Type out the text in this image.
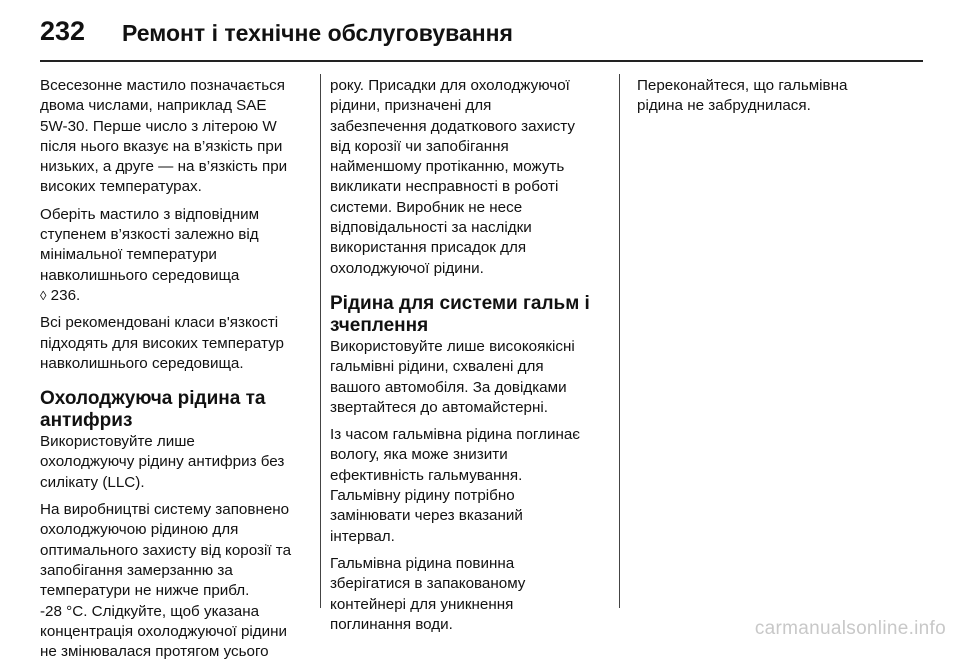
232 Ремонт і технічне обслуговування

Всесезонне мастило позначається
двома числами, наприклад SAE
5W-30. Перше число з літерою W
після нього вказує на в’язкість при
низьких, а друге — на в’язкість при
високих температурах.

Оберіть мастило з відповідним
ступенем в’язкості залежно від
мінімальної температури
навколишнього середовища
◊ 236.

Всі рекомендовані класи в'язкості
підходять для високих температур
навколишнього середовища.

Охолоджуюча рідина та
антифриз

Використовуйте лише
охолоджуючу рідину антифриз без
силікату (LLC).

На виробництві систему заповнено
охолоджуючою рідиною для
оптимального захисту від корозії та
запобігання замерзанню за
температури не нижче прибл.
-28 °C. Слідкуйте, щоб указана
концентрація охолоджуючої рідини
не змінювалася протягом усього

року. Присадки для охолоджуючої
рідини, призначені для
забезпечення додаткового захисту
від корозії чи запобігання
найменшому протіканню, можуть
викликати несправності в роботі
системи. Виробник не несе
відповідальності за наслідки
використання присадок для
охолоджуючої рідини.

Рідина для системи гальм і
зчеплення

Використовуйте лише високоякісні
гальмівні рідини, схвалені для
вашого автомобіля. За довідками
звертайтеся до автомайстерні.

Із часом гальмівна рідина поглинає
вологу, яка може знизити
ефективність гальмування.
Гальмівну рідину потрібно
замінювати через вказаний
інтервал.

Гальмівна рідина повинна
зберігатися в запакованому
контейнері для уникнення
поглинання води.

Переконайтеся, що гальмівна
рідина не забруднилася.

carmanualsonline.info
